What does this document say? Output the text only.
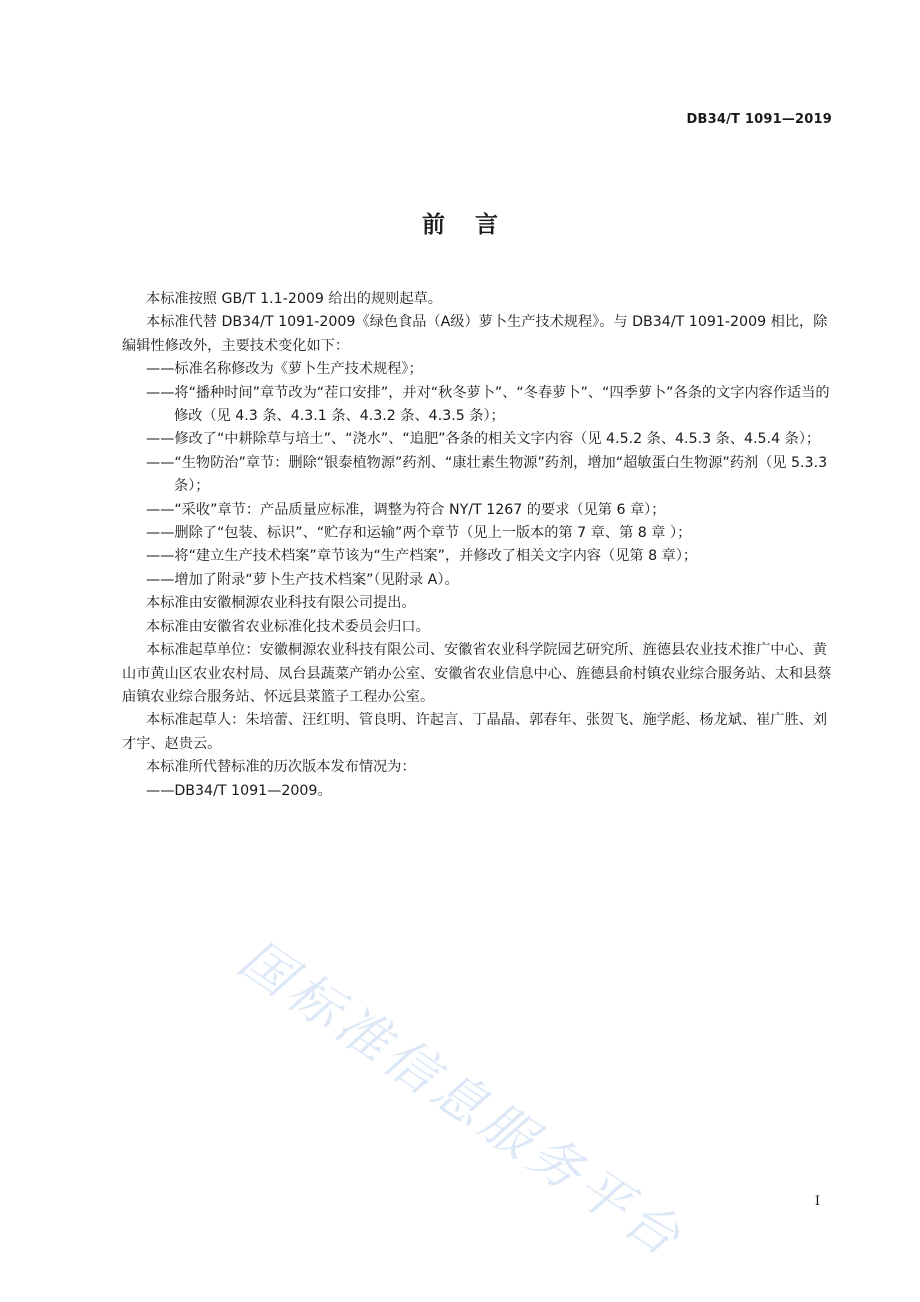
DB34/T 1091—2019
前言

本标准按照 GB/T 1.1-2009 给出的规则起草。

本标准代替 DB34/T 1091-2009《绿色食品（A级）萝卜生产技术规程》。与 DB34/T 1091-2009 相比，除编辑性修改外，主要技术变化如下：

——标准名称修改为《萝卜生产技术规程》；

——将“播种时间”章节改为“茬口安排”，并对“秋冬萝卜”、“冬春萝卜”、“四季萝卜”各条的文字内容作适当的修改（见 4.3 条、4.3.1 条、4.3.2 条、4.3.5 条）；

——修改了“中耕除草与培土”、“浇水”、“追肥”各条的相关文字内容（见 4.5.2 条、4.5.3 条、4.5.4 条）；

——“生物防治”章节：删除“银泰植物源”药剂、“康壮素生物源”药剂，增加“超敏蛋白生物源”药剂（见 5.3.3 条）；

——“采收”章节：产品质量应标准，调整为符合 NY/T 1267 的要求（见第 6 章）；

——删除了“包装、标识”、“贮存和运输”两个章节（见上一版本的第 7 章、第 8 章 ）；

——将“建立生产技术档案”章节该为“生产档案”，并修改了相关文字内容（见第 8 章）；

——增加了附录“萝卜生产技术档案”（见附录 A）。

本标准由安徽桐源农业科技有限公司提出。

本标准由安徽省农业标准化技术委员会归口。

本标准起草单位：安徽桐源农业科技有限公司、安徽省农业科学院园艺研究所、旌德县农业技术推广中心、黄山市黄山区农业农村局、凤台县蔬菜产销办公室、安徽省农业信息中心、旌德县俞村镇农业综合服务站、太和县蔡庙镇农业综合服务站、怀远县菜篮子工程办公室。

本标准起草人：朱培蕾、汪红明、管良明、许起言、丁晶晶、郭春年、张贺飞、施学彪、杨龙斌、崔广胜、刘才宇、赵贵云。

本标准所代替标准的历次版本发布情况为：

——DB34/T 1091—2009。

国标准信息服务平台	I
